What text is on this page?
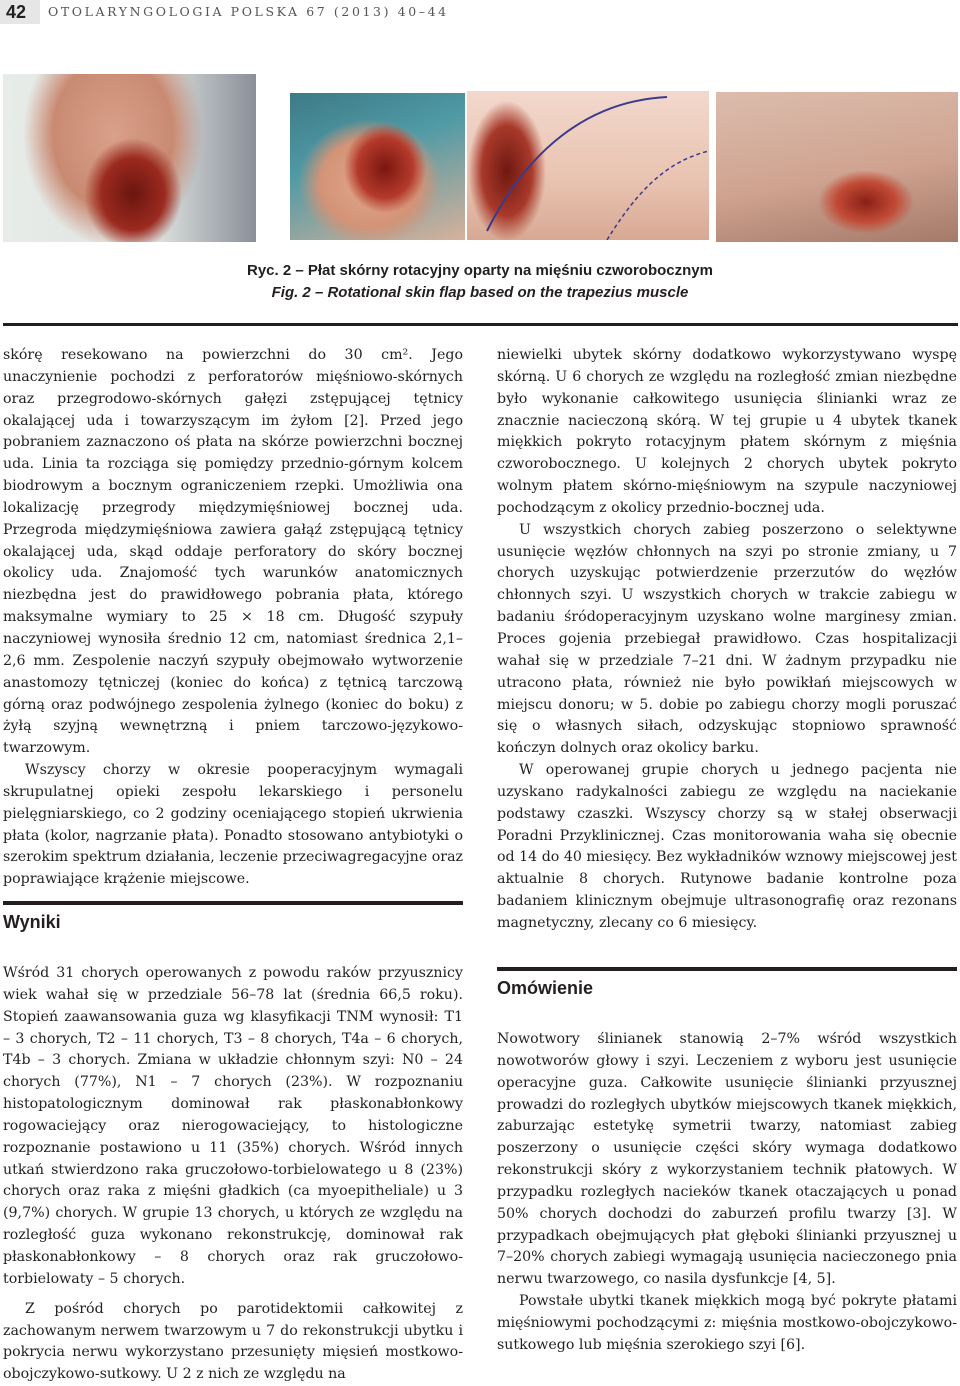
42	OTOLARYNGOLOGIA POLSKA 67 (2013) 40–44
Ryc. 2 – Płat skórny rotacyjny oparty na mięśniu czworobocznym
Fig. 2 – Rotational skin flap based on the trapezius muscle

skórę resekowano na powierzchni do 30 cm². Jego unaczynienie pochodzi z perforatorów mięśniowo-skórnych oraz przegrodowo-skórnych gałęzi zstępującej tętnicy okalającej uda i towarzyszącym im żyłom [2]. Przed jego pobraniem zaznaczono oś płata na skórze powierzchni bocznej uda. Linia ta rozciąga się pomiędzy przednio-górnym kolcem biodrowym a bocznym ograniczeniem rzepki. Umożliwia ona lokalizację przegrody międzymięśniowej bocznej uda. Przegroda międzymięśniowa zawiera gałąź zstępującą tętnicy okalającej uda, skąd oddaje perforatory do skóry bocznej okolicy uda. Znajomość tych warunków anatomicznych niezbędna jest do prawidłowego pobrania płata, którego maksymalne wymiary to 25 × 18 cm. Długość szypuły naczyniowej wynosiła średnio 12 cm, natomiast średnica 2,1–2,6 mm. Zespolenie naczyń szypuły obejmowało wytworzenie anastomozy tętniczej (koniec do końca) z tętnicą tarczową górną oraz podwójnego zespolenia żylnego (koniec do boku) z żyłą szyjną wewnętrzną i pniem tarczowo-językowo-twarzowym.

Wszyscy chorzy w okresie pooperacyjnym wymagali skrupulatnej opieki zespołu lekarskiego i personelu pielęgniarskiego, co 2 godziny oceniającego stopień ukrwienia płata (kolor, nagrzanie płata). Ponadto stosowano antybiotyki o szerokim spektrum działania, leczenie przeciwagregacyjne oraz poprawiające krążenie miejscowe.

Wyniki

Wśród 31 chorych operowanych z powodu raków przyusznicy wiek wahał się w przedziale 56–78 lat (średnia 66,5 roku). Stopień zaawansowania guza wg klasyfikacji TNM wynosił: T1 – 3 chorych, T2 – 11 chorych, T3 – 8 chorych, T4a – 6 chorych, T4b – 3 chorych. Zmiana w układzie chłonnym szyi: N0 – 24 chorych (77%), N1 – 7 chorych (23%). W rozpoznaniu histopatologicznym dominował rak płaskonabłonkowy rogowaciejący oraz nierogowaciejący, to histologiczne rozpoznanie postawiono u 11 (35%) chorych. Wśród innych utkań stwierdzono raka gruczołowo-torbielowatego u 8 (23%) chorych oraz raka z mięśni gładkich (ca myoepitheliale) u 3 (9,7%) chorych. W grupie 13 chorych, u których ze względu na rozległość guza wykonano rekonstrukcję, dominował rak płaskonabłonkowy – 8 chorych oraz rak gruczołowo-torbielowaty – 5 chorych.

Z pośród chorych po parotidektomii całkowitej z zachowanym nerwem twarzowym u 7 do rekonstrukcji ubytku i pokrycia nerwu wykorzystano przesunięty mięsień mostkowo-obojczykowo-sutkowy. U 2 z nich ze względu na

niewielki ubytek skórny dodatkowo wykorzystywano wyspę skórną. U 6 chorych ze względu na rozległość zmian niezbędne było wykonanie całkowitego usunięcia ślinianki wraz ze znacznie nacieczoną skórą. W tej grupie u 4 ubytek tkanek miękkich pokryto rotacyjnym płatem skórnym z mięśnia czworobocznego. U kolejnych 2 chorych ubytek pokryto wolnym płatem skórno-mięśniowym na szypule naczyniowej pochodzącym z okolicy przednio-bocznej uda.

U wszystkich chorych zabieg poszerzono o selektywne usunięcie węzłów chłonnych na szyi po stronie zmiany, u 7 chorych uzyskując potwierdzenie przerzutów do węzłów chłonnych szyi. U wszystkich chorych w trakcie zabiegu w badaniu śródoperacyjnym uzyskano wolne marginesy zmian. Proces gojenia przebiegał prawidłowo. Czas hospitalizacji wahał się w przedziale 7–21 dni. W żadnym przypadku nie utracono płata, również nie było powikłań miejscowych w miejscu donoru; w 5. dobie po zabiegu chorzy mogli poruszać się o własnych siłach, odzyskując stopniowo sprawność kończyn dolnych oraz okolicy barku.

W operowanej grupie chorych u jednego pacjenta nie uzyskano radykalności zabiegu ze względu na naciekanie podstawy czaszki. Wszyscy chorzy są w stałej obserwacji Poradni Przyklinicznej. Czas monitorowania waha się obecnie od 14 do 40 miesięcy. Bez wykładników wznowy miejscowej jest aktualnie 8 chorych. Rutynowe badanie kontrolne poza badaniem klinicznym obejmuje ultrasonografię oraz rezonans magnetyczny, zlecany co 6 miesięcy.

Omówienie

Nowotwory ślinianek stanowią 2–7% wśród wszystkich nowotworów głowy i szyi. Leczeniem z wyboru jest usunięcie operacyjne guza. Całkowite usunięcie ślinianki przyusznej prowadzi do rozległych ubytków miejscowych tkanek miękkich, zaburzając estetykę symetrii twarzy, natomiast zabieg poszerzony o usunięcie części skóry wymaga dodatkowo rekonstrukcji skóry z wykorzystaniem technik płatowych. W przypadku rozległych nacieków tkanek otaczających u ponad 50% chorych dochodzi do zaburzeń profilu twarzy [3]. W przypadkach obejmujących płat głęboki ślinianki przyusznej u 7–20% chorych zabiegi wymagają usunięcia nacieczonego pnia nerwu twarzowego, co nasila dysfunkcje [4, 5].

Powstałe ubytki tkanek miękkich mogą być pokryte płatami mięśniowymi pochodzącymi z: mięśnia mostkowo-obojczykowo-sutkowego lub mięśnia szerokiego szyi [6].
